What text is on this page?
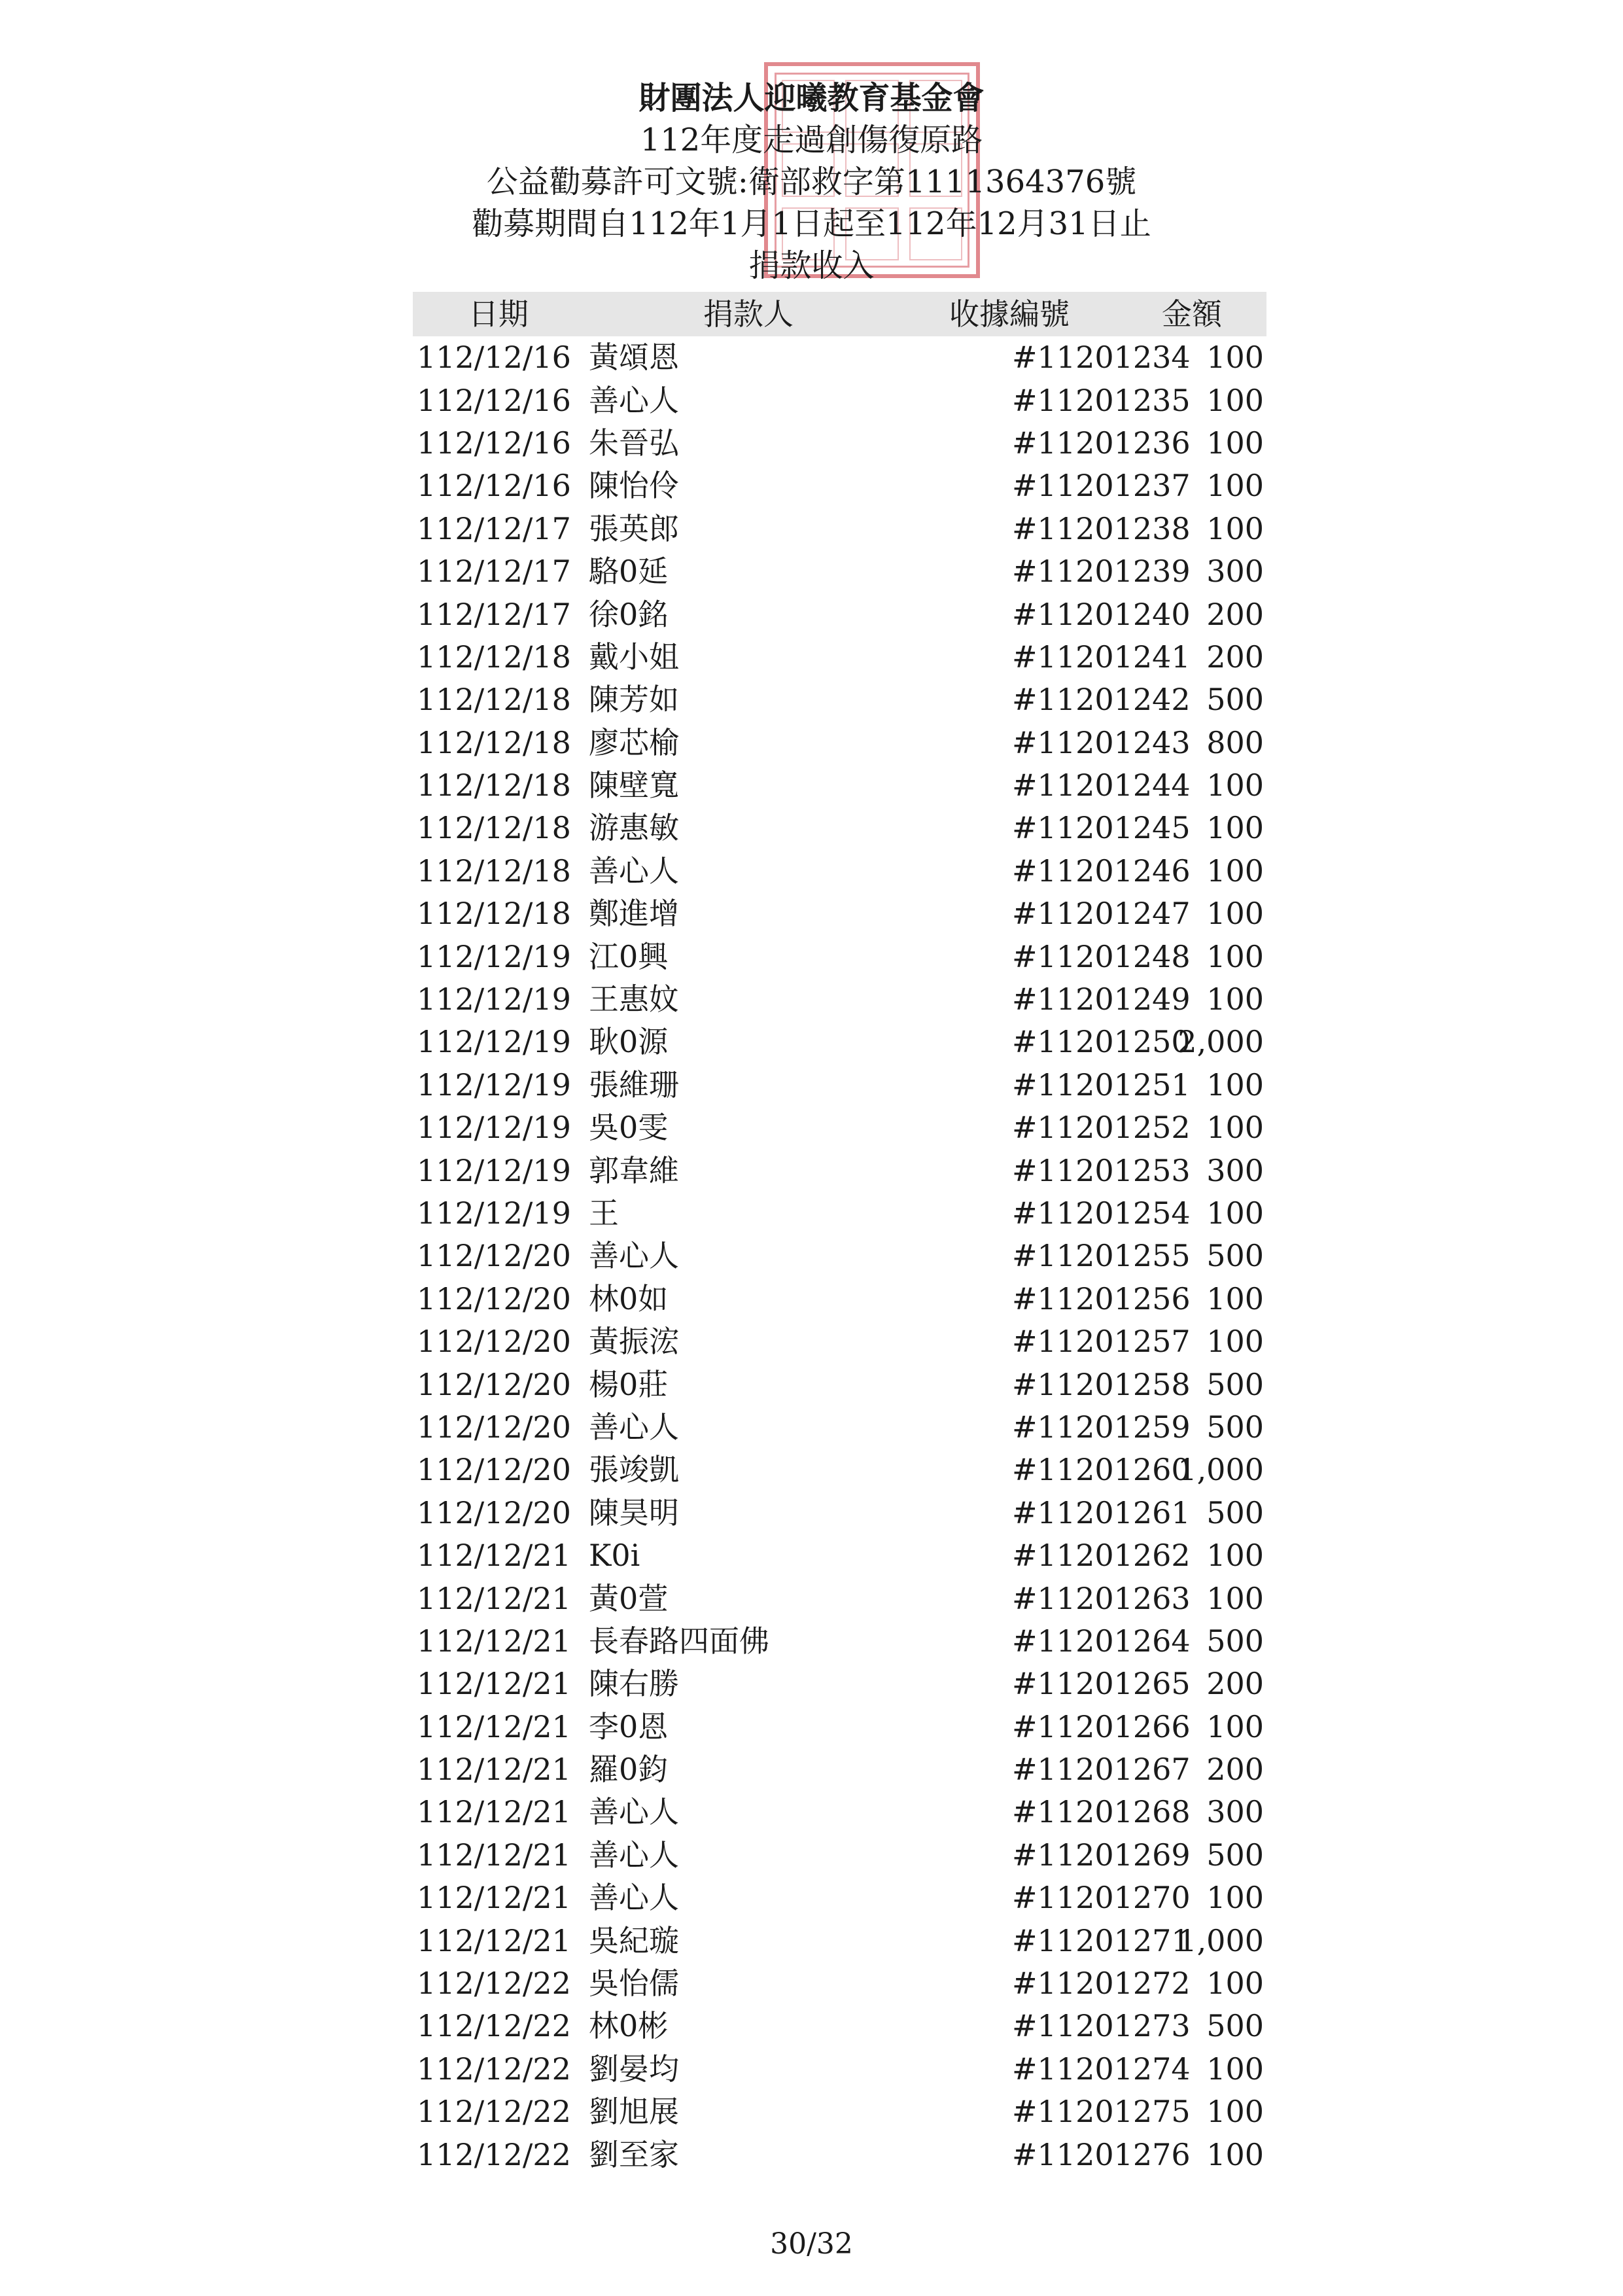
財團法人迎曦教育基金會
112年度走過創傷復原路
公益勸募許可文號:衛部救字第1111364376號
勸募期間自112年1月1日起至112年12月31日止
捐款收入
日期	捐款人	收據編號	金額
112/12/16	黃頌恩	#11201234	100
112/12/16	善心人	#11201235	100
112/12/16	朱晉弘	#11201236	100
112/12/16	陳怡伶	#11201237	100
112/12/17	張英郎	#11201238	100
112/12/17	駱0延	#11201239	300
112/12/17	徐0銘	#11201240	200
112/12/18	戴小姐	#11201241	200
112/12/18	陳芳如	#11201242	500
112/12/18	廖芯榆	#11201243	800
112/12/18	陳壁寬	#11201244	100
112/12/18	游惠敏	#11201245	100
112/12/18	善心人	#11201246	100
112/12/18	鄭進增	#11201247	100
112/12/19	江0興	#11201248	100
112/12/19	王惠妏	#11201249	100
112/12/19	耿0源	#11201250	2,000
112/12/19	張維珊	#11201251	100
112/12/19	吳0雯	#11201252	100
112/12/19	郭韋維	#11201253	300
112/12/19	王	#11201254	100
112/12/20	善心人	#11201255	500
112/12/20	林0如	#11201256	100
112/12/20	黃振浤	#11201257	100
112/12/20	楊0莊	#11201258	500
112/12/20	善心人	#11201259	500
112/12/20	張竣凱	#11201260	1,000
112/12/20	陳昊明	#11201261	500
112/12/21	K0i	#11201262	100
112/12/21	黃0萱	#11201263	100
112/12/21	長春路四面佛	#11201264	500
112/12/21	陳右勝	#11201265	200
112/12/21	李0恩	#11201266	100
112/12/21	羅0鈞	#11201267	200
112/12/21	善心人	#11201268	300
112/12/21	善心人	#11201269	500
112/12/21	善心人	#11201270	100
112/12/21	吳紀璇	#11201271	1,000
112/12/22	吳怡儒	#11201272	100
112/12/22	林0彬	#11201273	500
112/12/22	劉晏均	#11201274	100
112/12/22	劉旭展	#11201275	100
112/12/22	劉至家	#11201276	100
30/32
